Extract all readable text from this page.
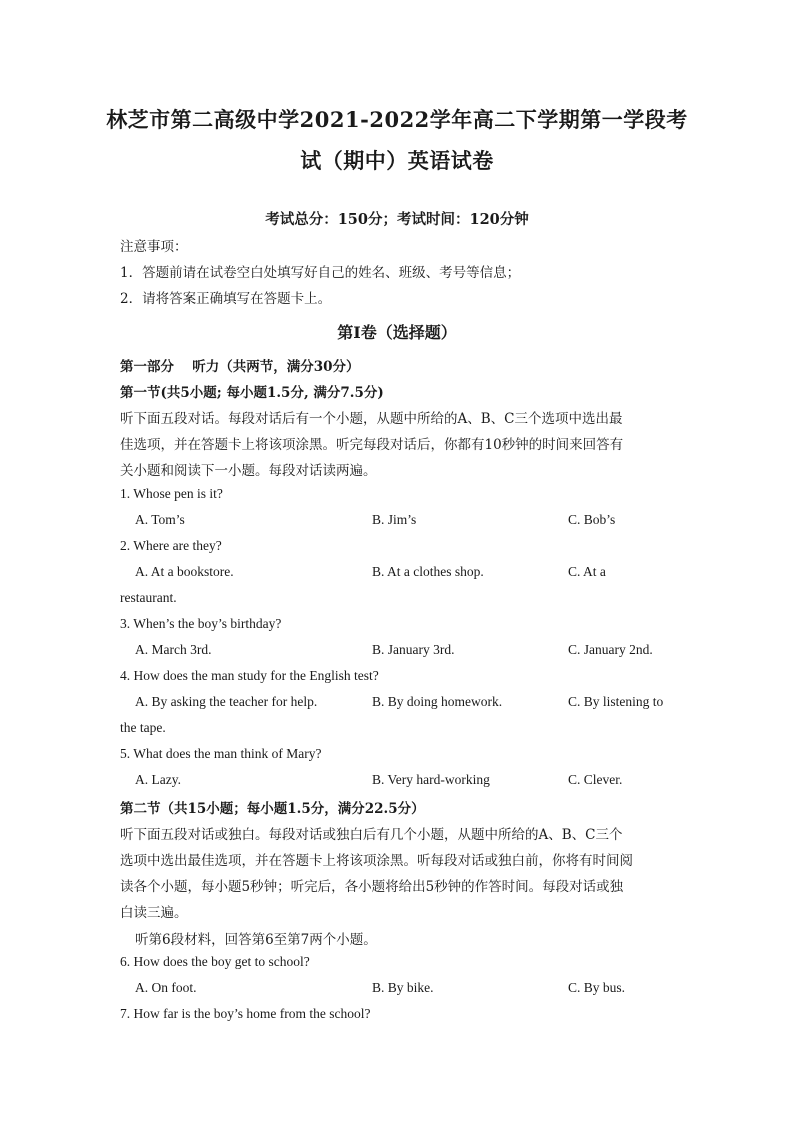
林芝市第二高级中学2021-2022学年高二下学期第一学段考
试（期中）英语试卷
考试总分：150分；考试时间：120分钟
注意事项：
1．答题前请在试卷空白处填写好自己的姓名、班级、考号等信息；
2．请将答案正确填写在答题卡上。
第I卷（选择题）
第一部分　 听力（共两节，满分30分）
第一节(共5小题; 每小题1.5分, 满分7.5分)
听下面五段对话。每段对话后有一个小题，从题中所给的A、B、C三个选项中选出最
佳选项，并在答题卡上将该项涂黑。听完每段对话后，你都有10秒钟的时间来回答有
关小题和阅读下一小题。每段对话读两遍。
1. Whose pen is it?
A. Tom’s	B. Jim’s	C. Bob’s
2. Where are they?
A. At a bookstore.	B. At a clothes shop.	C. At a
restaurant.
3. When’s the boy’s birthday?
A. March 3rd.	B. January 3rd.	C. January 2nd.
4. How does the man study for the English test?
A. By asking the teacher for help.	B. By doing homework.	C. By listening to
the tape.
5. What does the man think of Mary?
A. Lazy.	B. Very hard-working	C. Clever.
第二节（共15小题；每小题1.5分，满分22.5分）
听下面五段对话或独白。每段对话或独白后有几个小题，从题中所给的A、B、C三个
选项中选出最佳选项，并在答题卡上将该项涂黑。听每段对话或独白前，你将有时间阅
读各个小题，每小题5秒钟；听完后，各小题将给出5秒钟的作答时间。每段对话或独
白读三遍。
听第6段材料，回答第6至第7两个小题。
6. How does the boy get to school?
A. On foot.	B. By bike.	C. By bus.
7. How far is the boy’s home from the school?
